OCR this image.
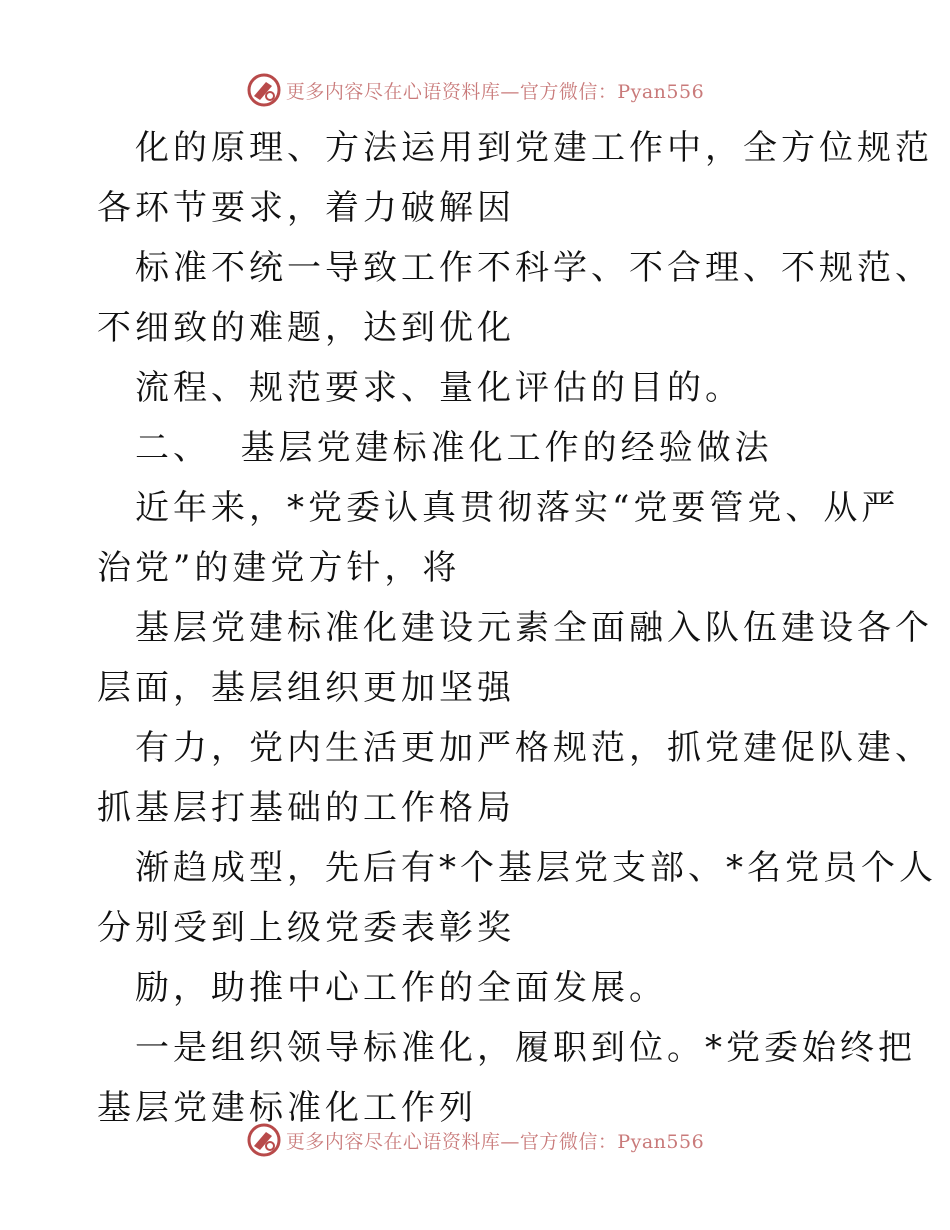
更多内容尽在心语资料库—官方微信：Pyan556
化的原理、方法运用到党建工作中，全方位规范
各环节要求，着力破解因
标准不统一导致工作不科学、不合理、不规范、
不细致的难题，达到优化
流程、规范要求、量化评估的目的。
二、  基层党建标准化工作的经验做法
近年来，*党委认真贯彻落实“党要管党、从严
治党”的建党方针，将
基层党建标准化建设元素全面融入队伍建设各个
层面，基层组织更加坚强
有力，党内生活更加严格规范，抓党建促队建、
抓基层打基础的工作格局
渐趋成型，先后有*个基层党支部、*名党员个人
分别受到上级党委表彰奖
励，助推中心工作的全面发展。
一是组织领导标准化，履职到位。*党委始终把
基层党建标准化工作列
更多内容尽在心语资料库—官方微信：Pyan556
